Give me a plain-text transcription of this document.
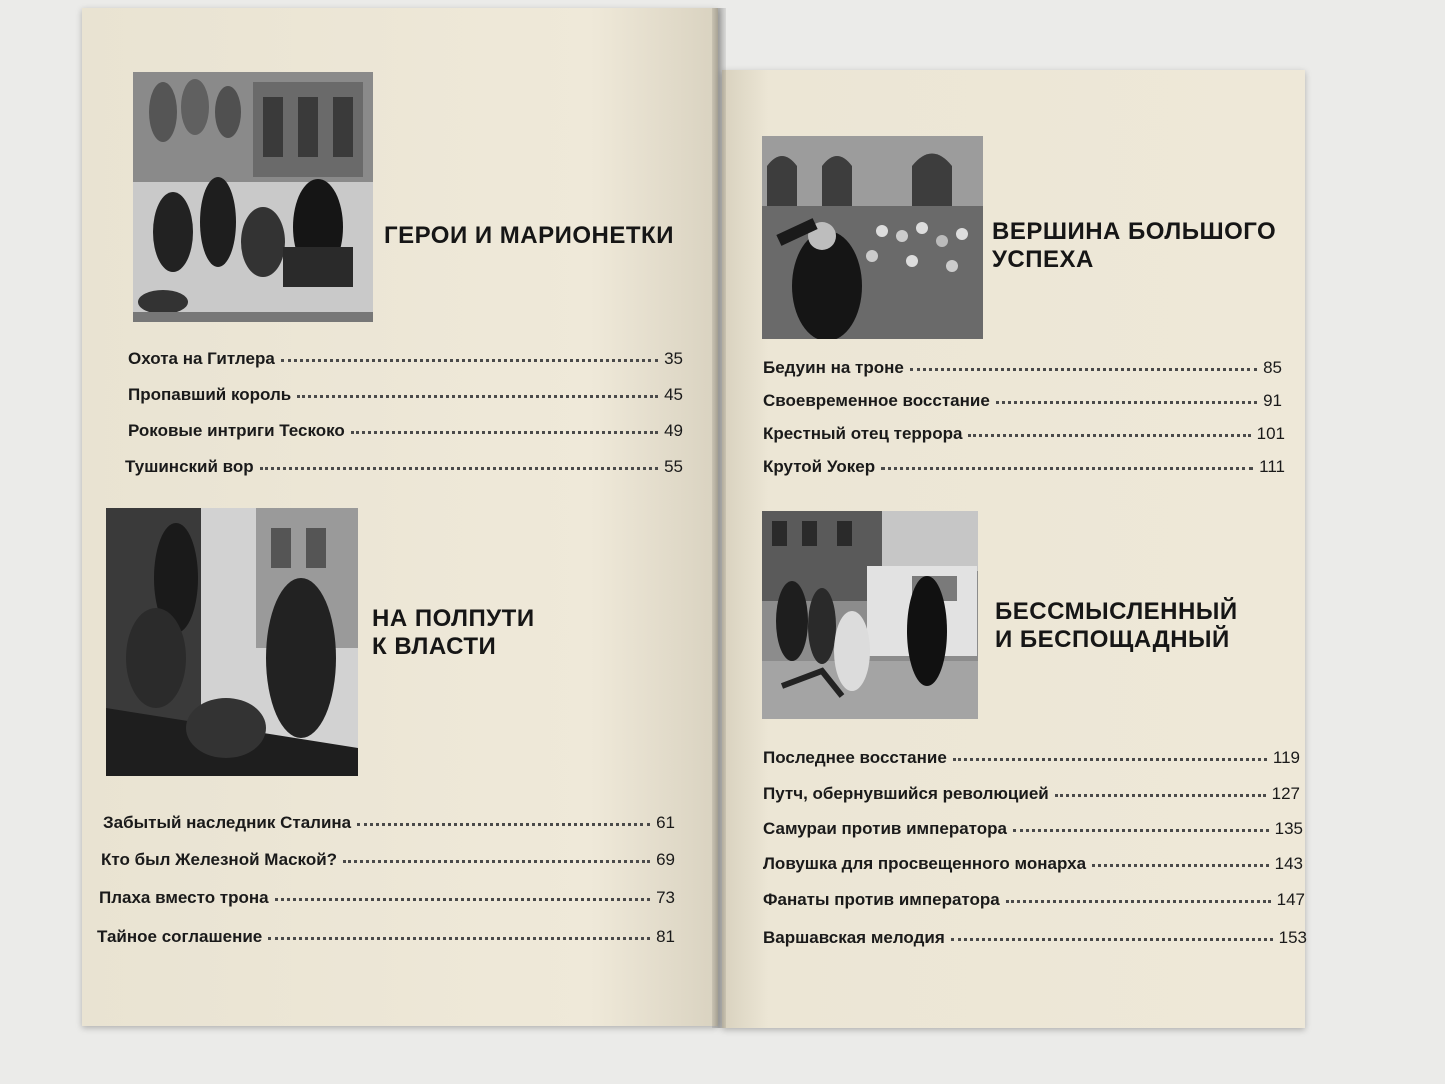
ГЕРОИ И МАРИОНЕТКИ
Охота на Гитлера	35
Пропавший король	45
Роковые интриги Тескоко	49
Тушинский вор	55
НА ПОЛПУТИ
К ВЛАСТИ
Забытый наследник Сталина	61
Кто был Железной Маской?	69
Плаха вместо трона	73
Тайное соглашение	81
ВЕРШИНА БОЛЬШОГО
УСПЕХА
Бедуин на троне	85
Своевременное восстание	91
Крестный отец террора	101
Крутой Уокер	111
БЕССМЫСЛЕННЫЙ
И БЕСПОЩАДНЫЙ
Последнее восстание	119
Путч, обернувшийся революцией	127
Самураи против императора	135
Ловушка для просвещенного монарха	143
Фанаты против императора	147
Варшавская мелодия	153
